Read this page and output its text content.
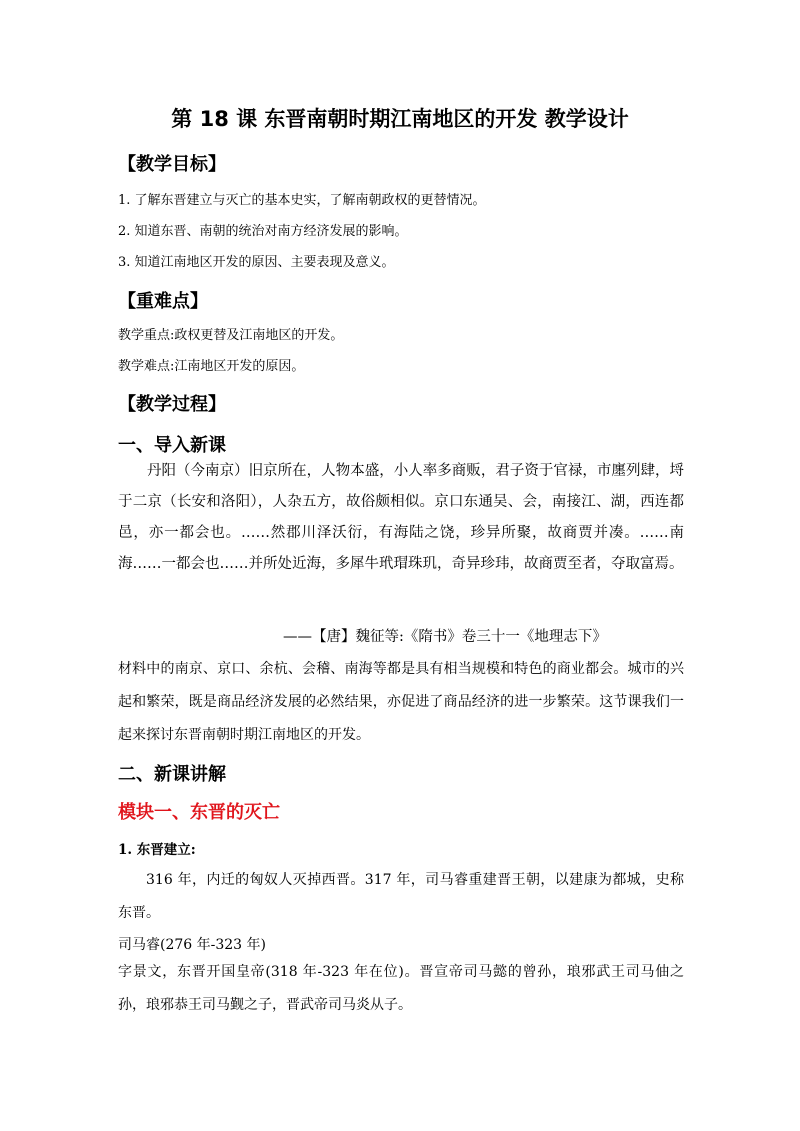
第 18 课 东晋南朝时期江南地区的开发 教学设计
【教学目标】

1. 了解东晋建立与灭亡的基本史实，了解南朝政权的更替情况。

2. 知道东晋、南朝的统治对南方经济发展的影响。

3. 知道江南地区开发的原因、主要表现及意义。

【重难点】

教学重点:政权更替及江南地区的开发。

教学难点:江南地区开发的原因。

【教学过程】
一、导入新课

丹阳（今南京）旧京所在，人物本盛，小人率多商贩，君子资于官禄，市廛列肆，埒于二京（长安和洛阳），人杂五方，故俗颇相似。京口东通吴、会，南接江、湖，西连都邑，亦一都会也。……然郡川泽沃衍，有海陆之饶，珍异所聚，故商贾并凑。……南海……一都会也……并所处近海，多犀牛玳瑁珠玑，奇异珍玮，故商贾至者，夺取富焉。

——【唐】魏征等:《隋书》卷三十一《地理志下》

材料中的南京、京口、余杭、会稽、南海等都是具有相当规模和特色的商业都会。城市的兴起和繁荣，既是商品经济发展的必然结果，亦促进了商品经济的进一步繁荣。这节课我们一起来探讨东晋南朝时期江南地区的开发。

二、新课讲解
模块一、东晋的灭亡

1. 东晋建立:

316 年，内迁的匈奴人灭掉西晋。317 年，司马睿重建晋王朝，以建康为都城，史称东晋。

司马睿(276 年-323 年)

字景文，东晋开国皇帝(318 年-323 年在位)。晋宣帝司马懿的曾孙，琅邪武王司马伷之孙，琅邪恭王司马觐之子，晋武帝司马炎从子。
